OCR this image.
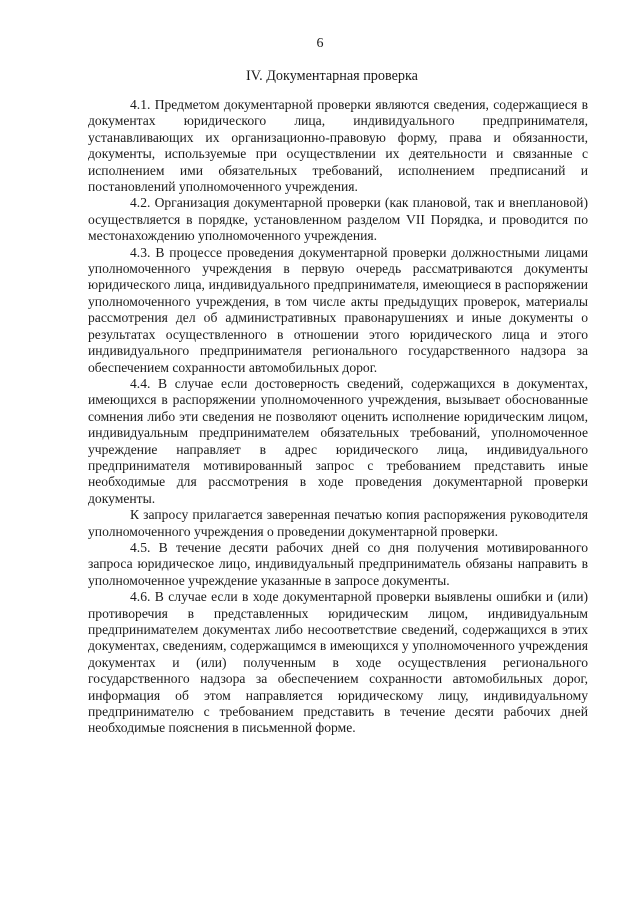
6
IV. Документарная проверка

4.1. Предметом документарной проверки являются сведения, содержащиеся в документах юридического лица, индивидуального предпринимателя, устанавливающих их организационно-правовую форму, права и обязанности, документы, используемые при осуществлении их деятельности и связанные с исполнением ими обязательных требований, исполнением предписаний и постановлений уполномоченного учреждения.

4.2. Организация документарной проверки (как плановой, так и внеплановой) осуществляется в порядке, установленном разделом VII Порядка, и проводится по местонахождению уполномоченного учреждения.

4.3. В процессе проведения документарной проверки должностными лицами уполномоченного учреждения в первую очередь рассматриваются документы юридического лица, индивидуального предпринимателя, имеющиеся в распоряжении уполномоченного учреждения, в том числе акты предыдущих проверок, материалы рассмотрения дел об административных правонарушениях и иные документы о результатах осуществленного в отношении этого юридического лица и этого индивидуального предпринимателя регионального государственного надзора за обеспечением сохранности автомобильных дорог.

4.4. В случае если достоверность сведений, содержащихся в документах, имеющихся в распоряжении уполномоченного учреждения, вызывает обоснованные сомнения либо эти сведения не позволяют оценить исполнение юридическим лицом, индивидуальным предпринимателем обязательных требований, уполномоченное учреждение направляет в адрес юридического лица, индивидуального предпринимателя мотивированный запрос с требованием представить иные необходимые для рассмотрения в ходе проведения документарной проверки документы.

К запросу прилагается заверенная печатью копия распоряжения руководителя уполномоченного учреждения о проведении документарной проверки.

4.5. В течение десяти рабочих дней со дня получения мотивированного запроса юридическое лицо, индивидуальный предприниматель обязаны направить в уполномоченное учреждение указанные в запросе документы.

4.6. В случае если в ходе документарной проверки выявлены ошибки и (или) противоречия в представленных юридическим лицом, индивидуальным предпринимателем документах либо несоответствие сведений, содержащихся в этих документах, сведениям, содержащимся в имеющихся у уполномоченного учреждения документах и (или) полученным в ходе осуществления регионального государственного надзора за обеспечением сохранности автомобильных дорог, информация об этом направляется юридическому лицу, индивидуальному предпринимателю с требованием представить в течение десяти рабочих дней необходимые пояснения в письменной форме.
